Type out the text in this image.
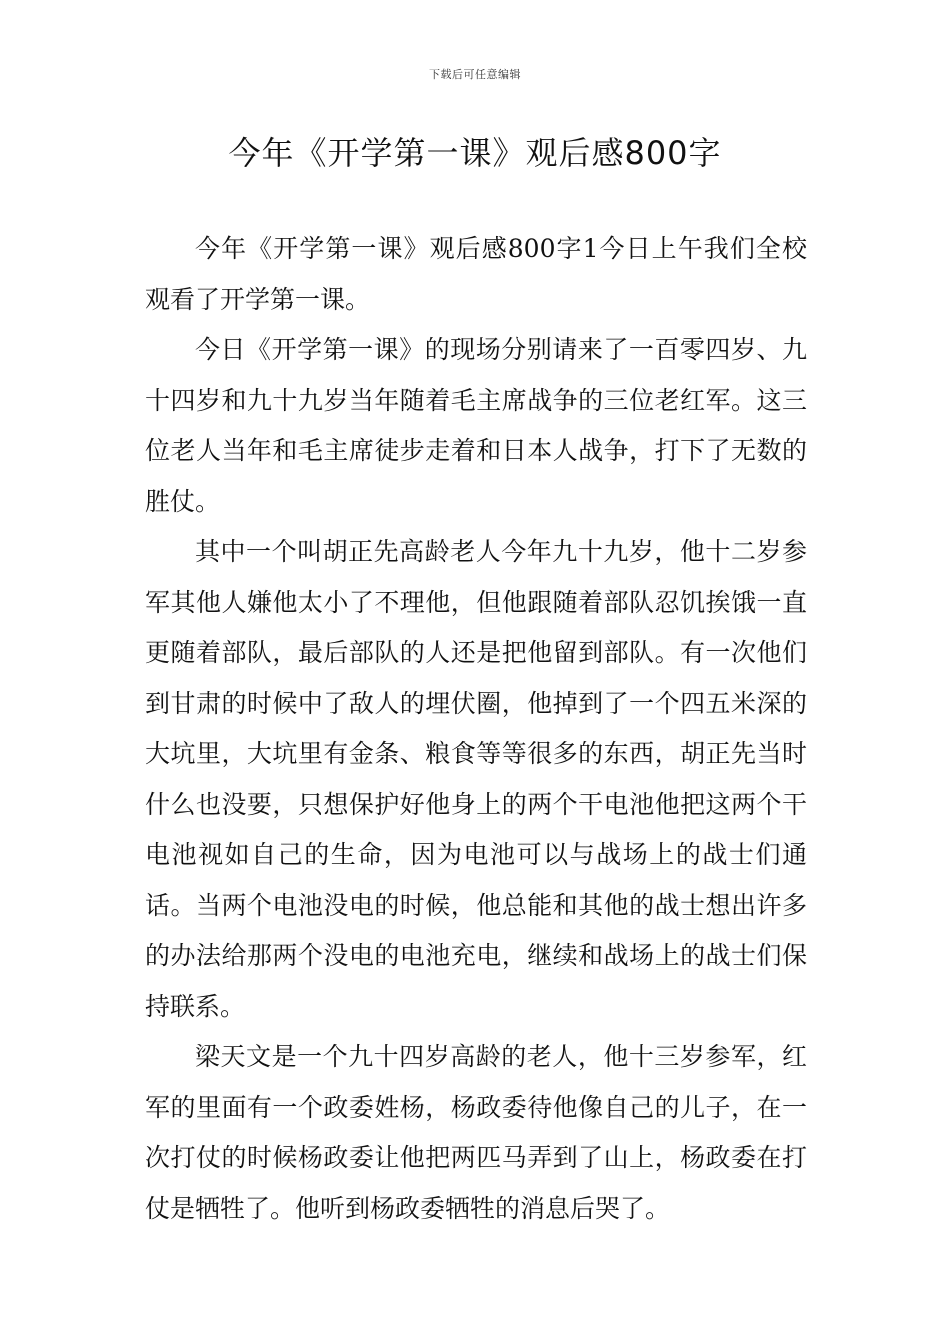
下载后可任意编辑
今年《开学第一课》观后感800字

今年《开学第一课》观后感800字1今日上午我们全校观看了开学第一课。

今日《开学第一课》的现场分别请来了一百零四岁、九十四岁和九十九岁当年随着毛主席战争的三位老红军。这三位老人当年和毛主席徒步走着和日本人战争，打下了无数的胜仗。

其中一个叫胡正先高龄老人今年九十九岁，他十二岁参军其他人嫌他太小了不理他，但他跟随着部队忍饥挨饿一直更随着部队，最后部队的人还是把他留到部队。有一次他们到甘肃的时候中了敌人的埋伏圈，他掉到了一个四五米深的大坑里，大坑里有金条、粮食等等很多的东西，胡正先当时什么也没要，只想保护好他身上的两个干电池他把这两个干电池视如自己的生命，因为电池可以与战场上的战士们通话。当两个电池没电的时候，他总能和其他的战士想出许多的办法给那两个没电的电池充电，继续和战场上的战士们保持联系。

梁天文是一个九十四岁高龄的老人，他十三岁参军，红军的里面有一个政委姓杨，杨政委待他像自己的儿子，在一次打仗的时候杨政委让他把两匹马弄到了山上，杨政委在打仗是牺牲了。他听到杨政委牺牲的消息后哭了。
